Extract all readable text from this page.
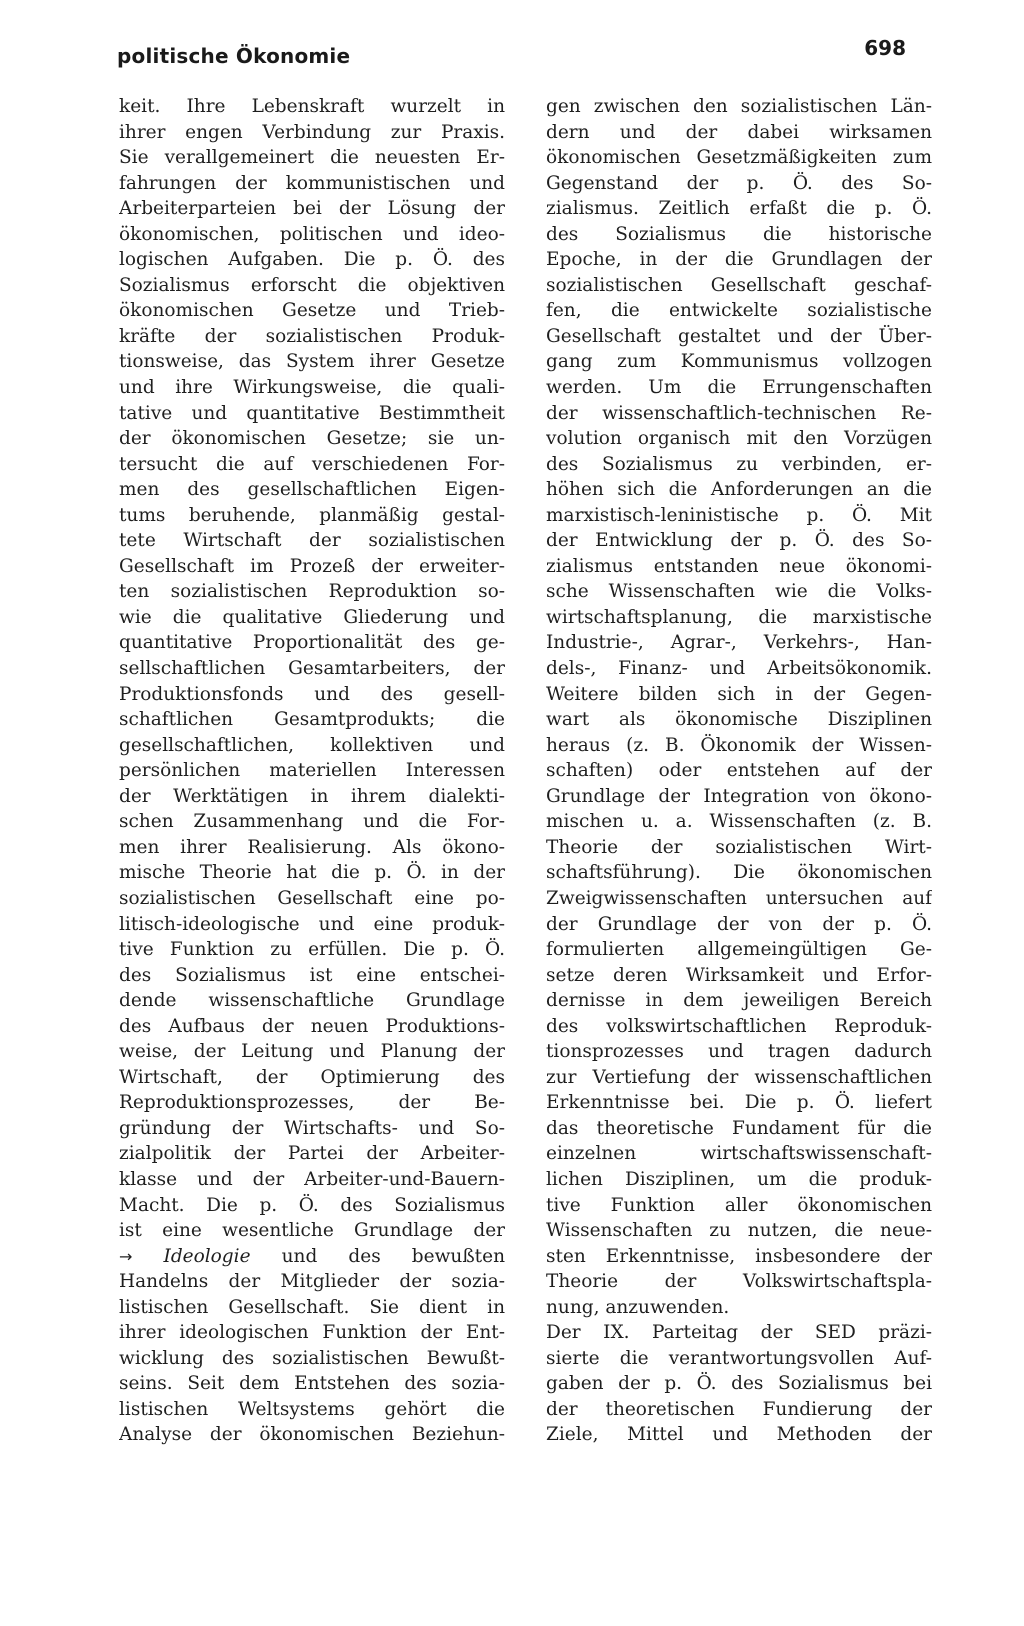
politische Ökonomie	698
keit. Ihre Lebenskraft wurzelt in
ihrer engen Verbindung zur Praxis.
Sie verallgemeinert die neuesten Er-
fahrungen der kommunistischen und
Arbeiterparteien bei der Lösung der
ökonomischen, politischen und ideo-
logischen Aufgaben. Die p. Ö. des
Sozialismus erforscht die objektiven
ökonomischen Gesetze und Trieb-
kräfte der sozialistischen Produk-
tionsweise, das System ihrer Gesetze
und ihre Wirkungsweise, die quali-
tative und quantitative Bestimmtheit
der ökonomischen Gesetze; sie un-
tersucht die auf verschiedenen For-
men des gesellschaftlichen Eigen-
tums beruhende, planmäßig gestal-
tete Wirtschaft der sozialistischen
Gesellschaft im Prozeß der erweiter-
ten sozialistischen Reproduktion so-
wie die qualitative Gliederung und
quantitative Proportionalität des ge-
sellschaftlichen Gesamtarbeiters, der
Produktionsfonds und des gesell-
schaftlichen Gesamtprodukts; die
gesellschaftlichen, kollektiven und
persönlichen materiellen Interessen
der Werktätigen in ihrem dialekti-
schen Zusammenhang und die For-
men ihrer Realisierung. Als ökono-
mische Theorie hat die p. Ö. in der
sozialistischen Gesellschaft eine po-
litisch-ideologische und eine produk-
tive Funktion zu erfüllen. Die p. Ö.
des Sozialismus ist eine entschei-
dende wissenschaftliche Grundlage
des Aufbaus der neuen Produktions-
weise, der Leitung und Planung der
Wirtschaft, der Optimierung des
Reproduktionsprozesses, der Be-
gründung der Wirtschafts- und So-
zialpolitik der Partei der Arbeiter-
klasse und der Arbeiter-und-Bauern-
Macht. Die p. Ö. des Sozialismus
ist eine wesentliche Grundlage der
→ Ideologie und des bewußten
Handelns der Mitglieder der sozia-
listischen Gesellschaft. Sie dient in
ihrer ideologischen Funktion der Ent-
wicklung des sozialistischen Bewußt-
seins. Seit dem Entstehen des sozia-
listischen Weltsystems gehört die
Analyse der ökonomischen Beziehun-
gen zwischen den sozialistischen Län-
dern und der dabei wirksamen
ökonomischen Gesetzmäßigkeiten zum
Gegenstand der p. Ö. des So-
zialismus. Zeitlich erfaßt die p. Ö.
des Sozialismus die historische
Epoche, in der die Grundlagen der
sozialistischen Gesellschaft geschaf-
fen, die entwickelte sozialistische
Gesellschaft gestaltet und der Über-
gang zum Kommunismus vollzogen
werden. Um die Errungenschaften
der wissenschaftlich-technischen Re-
volution organisch mit den Vorzügen
des Sozialismus zu verbinden, er-
höhen sich die Anforderungen an die
marxistisch-leninistische p. Ö. Mit
der Entwicklung der p. Ö. des So-
zialismus entstanden neue ökonomi-
sche Wissenschaften wie die Volks-
wirtschaftsplanung, die marxistische
Industrie-, Agrar-, Verkehrs-, Han-
dels-, Finanz- und Arbeitsökonomik.
Weitere bilden sich in der Gegen-
wart als ökonomische Disziplinen
heraus (z. B. Ökonomik der Wissen-
schaften) oder entstehen auf der
Grundlage der Integration von ökono-
mischen u. a. Wissenschaften (z. B.
Theorie der sozialistischen Wirt-
schaftsführung). Die ökonomischen
Zweigwissenschaften untersuchen auf
der Grundlage der von der p. Ö.
formulierten allgemeingültigen Ge-
setze deren Wirksamkeit und Erfor-
dernisse in dem jeweiligen Bereich
des volkswirtschaftlichen Reproduk-
tionsprozesses und tragen dadurch
zur Vertiefung der wissenschaftlichen
Erkenntnisse bei. Die p. Ö. liefert
das theoretische Fundament für die
einzelnen wirtschaftswissenschaft-
lichen Disziplinen, um die produk-
tive Funktion aller ökonomischen
Wissenschaften zu nutzen, die neue-
sten Erkenntnisse, insbesondere der
Theorie der Volkswirtschaftspla-
nung, anzuwenden.
Der IX. Parteitag der SED präzi-
sierte die verantwortungsvollen Auf-
gaben der p. Ö. des Sozialismus bei
der theoretischen Fundierung der
Ziele, Mittel und Methoden der
